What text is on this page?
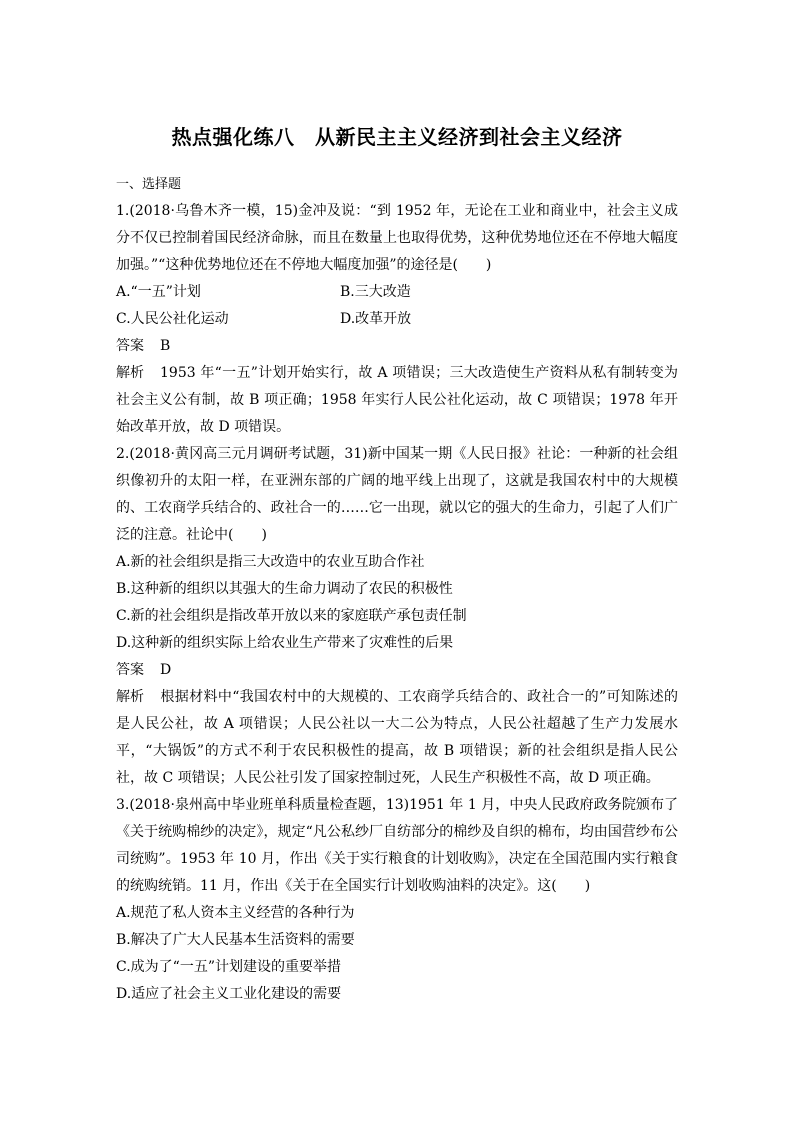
热点强化练八　从新民主主义经济到社会主义经济

一、选择题

1.(2018·乌鲁木齐一模，15)金冲及说：“到 1952 年，无论在工业和商业中，社会主义成分不仅已控制着国民经济命脉，而且在数量上也取得优势，这种优势地位还在不停地大幅度加强。”“这种优势地位还在不停地大幅度加强”的途径是(　　)

A.“一五”计划	B.三大改造
C.人民公社化运动	D.改革开放

答案 B

解析 1953 年“一五”计划开始实行，故 A 项错误；三大改造使生产资料从私有制转变为社会主义公有制，故 B 项正确；1958 年实行人民公社化运动，故 C 项错误；1978 年开始改革开放，故 D 项错误。

2.(2018·黄冈高三元月调研考试题，31)新中国某一期《人民日报》社论：一种新的社会组织像初升的太阳一样，在亚洲东部的广阔的地平线上出现了，这就是我国农村中的大规模的、工农商学兵结合的、政社合一的……它一出现，就以它的强大的生命力，引起了人们广泛的注意。社论中(　　)

A.新的社会组织是指三大改造中的农业互助合作社

B.这种新的组织以其强大的生命力调动了农民的积极性

C.新的社会组织是指改革开放以来的家庭联产承包责任制

D.这种新的组织实际上给农业生产带来了灾难性的后果

答案 D

解析 根据材料中“我国农村中的大规模的、工农商学兵结合的、政社合一的”可知陈述的是人民公社，故 A 项错误；人民公社以一大二公为特点，人民公社超越了生产力发展水平，“大锅饭”的方式不利于农民积极性的提高，故 B 项错误；新的社会组织是指人民公社，故 C 项错误；人民公社引发了国家控制过死，人民生产积极性不高，故 D 项正确。

3.(2018·泉州高中毕业班单科质量检查题，13)1951 年 1 月，中央人民政府政务院颁布了《关于统购棉纱的决定》，规定“凡公私纱厂自纺部分的棉纱及自织的棉布，均由国营纱布公司统购”。1953 年 10 月，作出《关于实行粮食的计划收购》，决定在全国范围内实行粮食的统购统销。11 月，作出《关于在全国实行计划收购油料的决定》。这(　　)

A.规范了私人资本主义经营的各种行为

B.解决了广大人民基本生活资料的需要

C.成为了“一五”计划建设的重要举措

D.适应了社会主义工业化建设的需要
